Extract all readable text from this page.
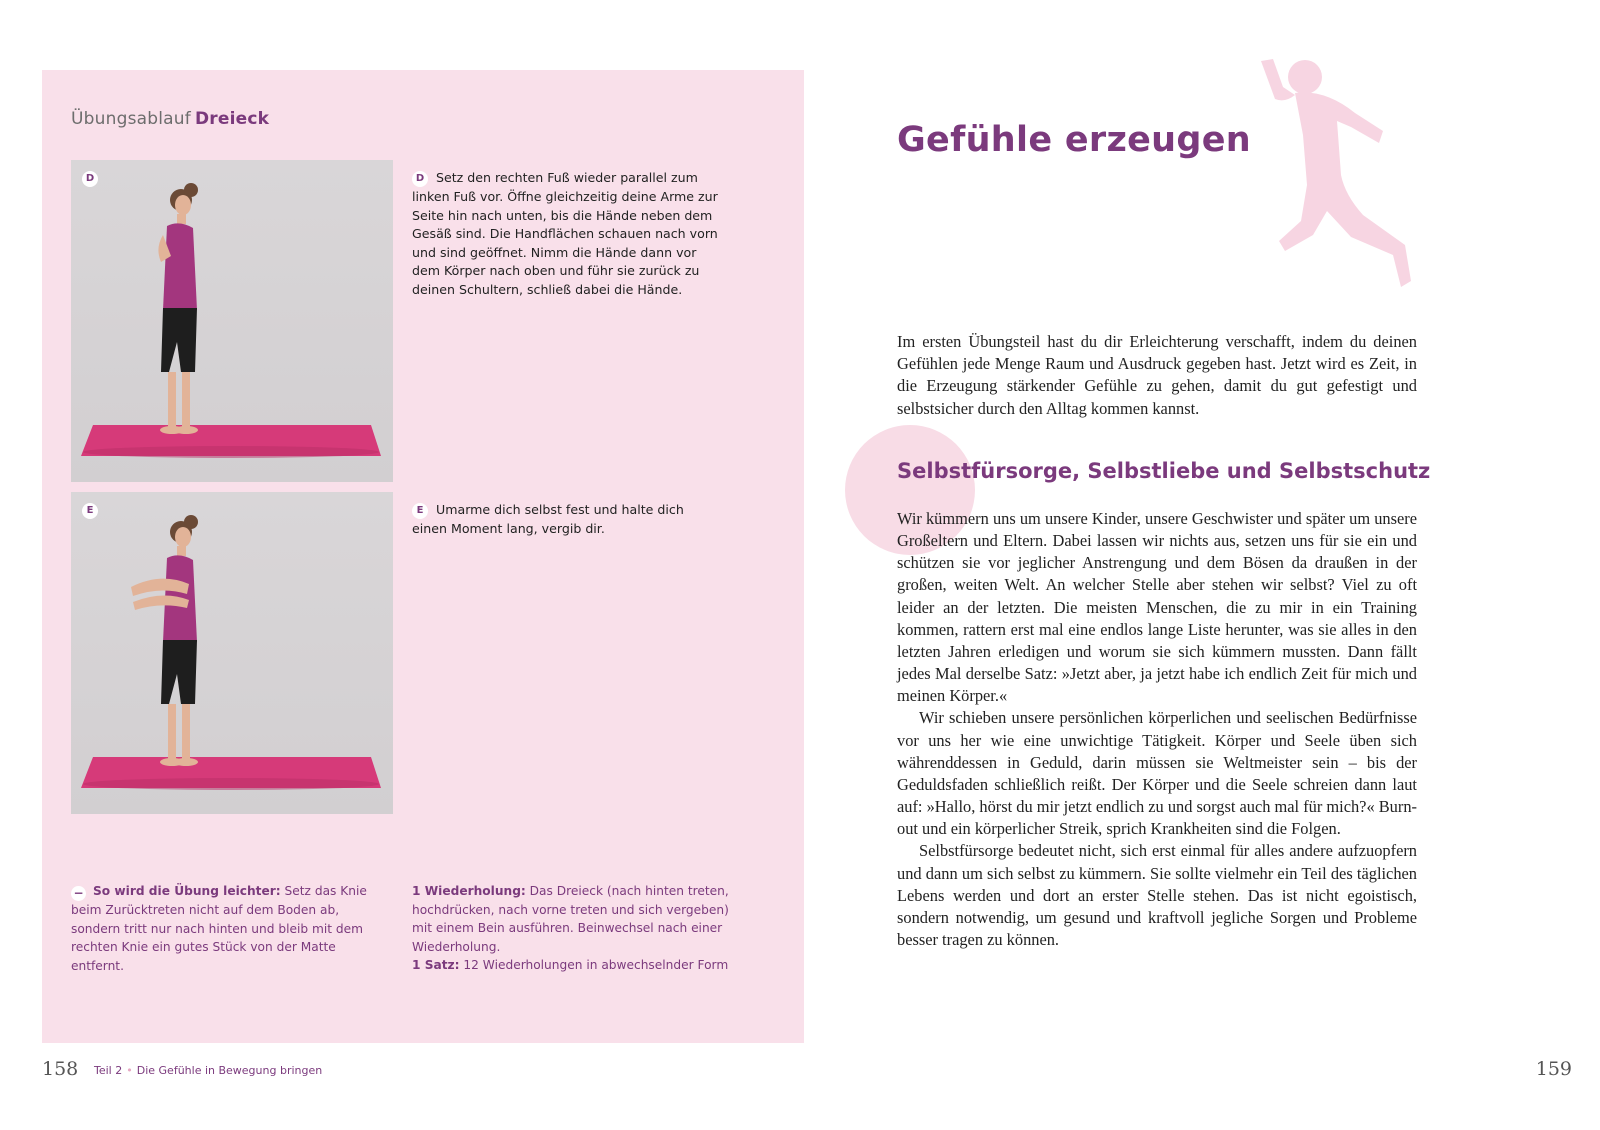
Übungsablauf Dreieck
D	D Setz den rechten Fuß wieder parallel zum linken Fuß vor. Öffne gleichzeitig deine Arme zur Seite hin nach unten, bis die Hände neben dem Gesäß sind. Die Handflächen schauen nach vorn und sind geöffnet. Nimm die Hände dann vor dem Körper nach oben und führ sie zurück zu deinen Schultern, schließ dabei die Hände.
E	E Umarme dich selbst fest und halte dich einen Moment lang, vergib dir.
− So wird die Übung leichter: Setz das Knie beim Zurücktreten nicht auf dem Boden ab, sondern tritt nur nach hinten und bleib mit dem rechten Knie ein gutes Stück von der Matte entfernt.
1 Wiederholung: Das Dreieck (nach hinten treten, hochdrücken, nach vorne treten und sich vergeben) mit einem Bein ausführen. Beinwechsel nach einer Wiederholung.
1 Satz: 12 Wiederholungen in abwechselnder Form
158 Teil 2 • Die Gefühle in Bewegung bringen
Gefühle erzeugen
Im ersten Übungsteil hast du dir Erleichterung verschafft, indem du deinen Gefühlen jede Menge Raum und Ausdruck gegeben hast. Jetzt wird es Zeit, in die Erzeugung stärkender Gefühle zu gehen, damit du gut gefestigt und selbstsicher durch den Alltag kommen kannst.
Selbstfürsorge, Selbstliebe und Selbstschutz

Wir kümmern uns um unsere Kinder, unsere Geschwister und später um unsere Großeltern und Eltern. Dabei lassen wir nichts aus, setzen uns für sie ein und schützen sie vor jeglicher Anstrengung und dem Bösen da draußen in der großen, weiten Welt. An welcher Stelle aber stehen wir selbst? Viel zu oft leider an der letzten. Die meisten Menschen, die zu mir in ein Training kommen, rattern erst mal eine endlos lange Liste herunter, was sie alles in den letzten Jahren erledigen und worum sie sich kümmern mussten. Dann fällt jedes Mal derselbe Satz: »Jetzt aber, ja jetzt habe ich endlich Zeit für mich und meinen Körper.«

Wir schieben unsere persönlichen körperlichen und seelischen Bedürfnisse vor uns her wie eine unwichtige Tätigkeit. Körper und Seele üben sich währenddessen in Geduld, darin müssen sie Weltmeister sein – bis der Geduldsfaden schließlich reißt. Der Körper und die Seele schreien dann laut auf: »Hallo, hörst du mir jetzt endlich zu und sorgst auch mal für mich?« Burn-out und ein körperlicher Streik, sprich Krankheiten sind die Folgen.

Selbstfürsorge bedeutet nicht, sich erst einmal für alles andere aufzuopfern und dann um sich selbst zu kümmern. Sie sollte vielmehr ein Teil des täglichen Lebens werden und dort an erster Stelle stehen. Das ist nicht egoistisch, sondern notwendig, um gesund und kraftvoll jegliche Sorgen und Probleme besser tragen zu können.

159
